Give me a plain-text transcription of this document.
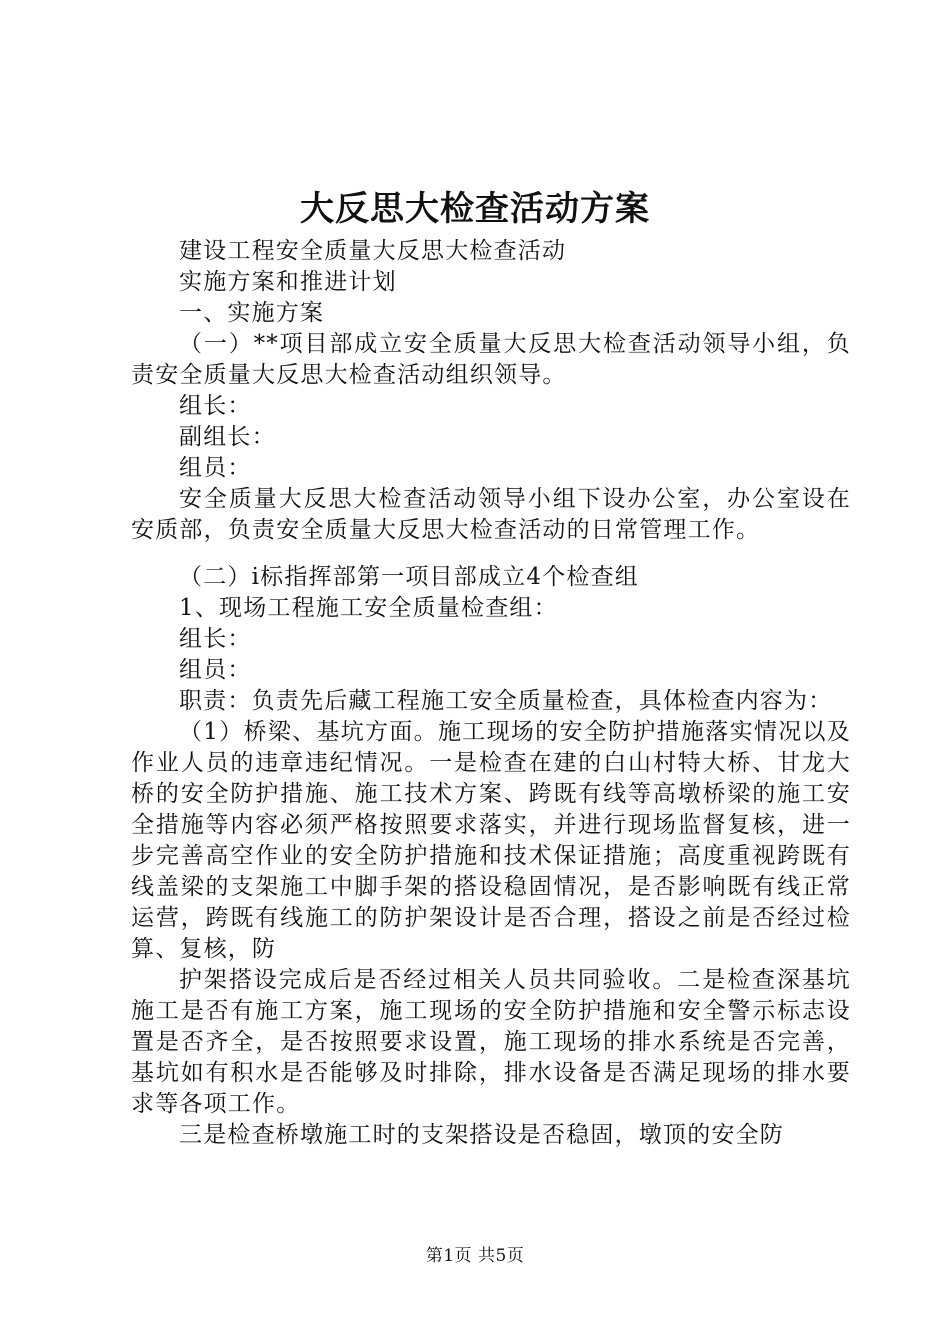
大反思大检查活动方案

建设工程安全质量大反思大检查活动

实施方案和推进计划

一、实施方案

（一）**项目部成立安全质量大反思大检查活动领导小组，负责安全质量大反思大检查活动组织领导。

组长：

副组长：

组员：

安全质量大反思大检查活动领导小组下设办公室，办公室设在安质部，负责安全质量大反思大检查活动的日常管理工作。

（二）i标指挥部第一项目部成立4个检查组

1、现场工程施工安全质量检查组：

组长：

组员：

职责：负责先后藏工程施工安全质量检查，具体检查内容为：

（1）桥梁、基坑方面。施工现场的安全防护措施落实情况以及作业人员的违章违纪情况。一是检查在建的白山村特大桥、甘龙大桥的安全防护措施、施工技术方案、跨既有线等高墩桥梁的施工安全措施等内容必须严格按照要求落实，并进行现场监督复核，进一步完善高空作业的安全防护措施和技术保证措施；高度重视跨既有线盖梁的支架施工中脚手架的搭设稳固情况，是否影响既有线正常运营，跨既有线施工的防护架设计是否合理，搭设之前是否经过检算、复核，防

护架搭设完成后是否经过相关人员共同验收。二是检查深基坑施工是否有施工方案，施工现场的安全防护措施和安全警示标志设置是否齐全，是否按照要求设置，施工现场的排水系统是否完善，基坑如有积水是否能够及时排除，排水设备是否满足现场的排水要求等各项工作。

三是检查桥墩施工时的支架搭设是否稳固，墩顶的安全防

第1页 共5页
